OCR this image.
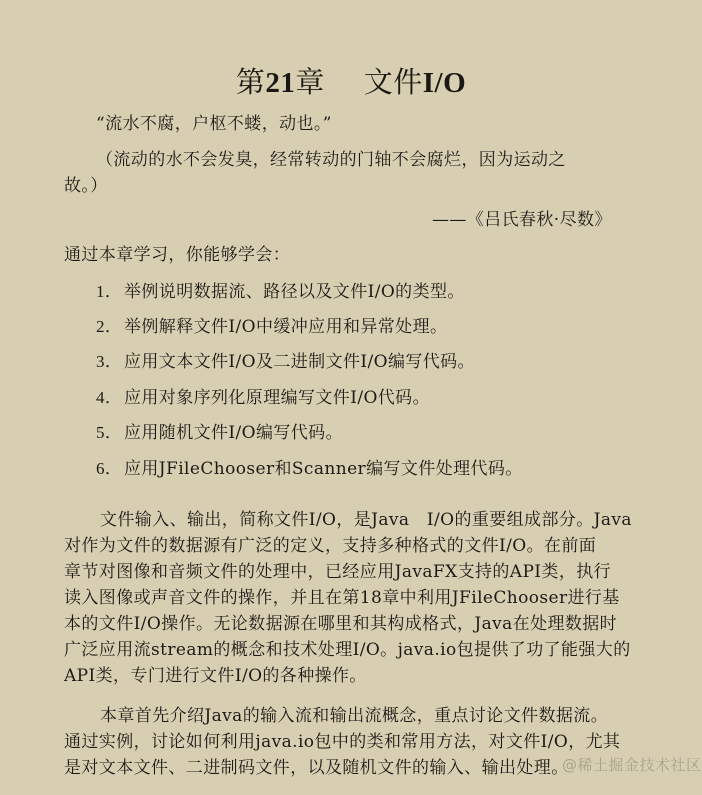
第21章 文件I/O
“流水不腐，户枢不蝼，动也。”
（流动的水不会发臭，经常转动的门轴不会腐烂，因为运动之
故。）
——《吕氏春秋·尽数》
通过本章学习，你能够学会：
1．举例说明数据流、路径以及文件I/O的类型。
2．举例解释文件I/O中缓冲应用和异常处理。
3．应用文本文件I/O及二进制文件I/O编写代码。
4．应用对象序列化原理编写文件I/O代码。
5．应用随机文件I/O编写代码。
6．应用JFileChooser和Scanner编写文件处理代码。
文件输入、输出，简称文件I/O，是Java　I/O的重要组成部分。Java
对作为文件的数据源有广泛的定义，支持多种格式的文件I/O。在前面
章节对图像和音频文件的处理中，已经应用JavaFX支持的API类，执行
读入图像或声音文件的操作，并且在第18章中利用JFileChooser进行基
本的文件I/O操作。无论数据源在哪里和其构成格式，Java在处理数据时
广泛应用流stream的概念和技术处理I/O。java.io包提供了功了能强大的
API类，专门进行文件I/O的各种操作。
本章首先介绍Java的输入流和输出流概念，重点讨论文件数据流。
通过实例，讨论如何利用java.io包中的类和常用方法，对文件I/O，尤其
是对文本文件、二进制码文件，以及随机文件的输入、输出处理。
@稀土掘金技术社区
